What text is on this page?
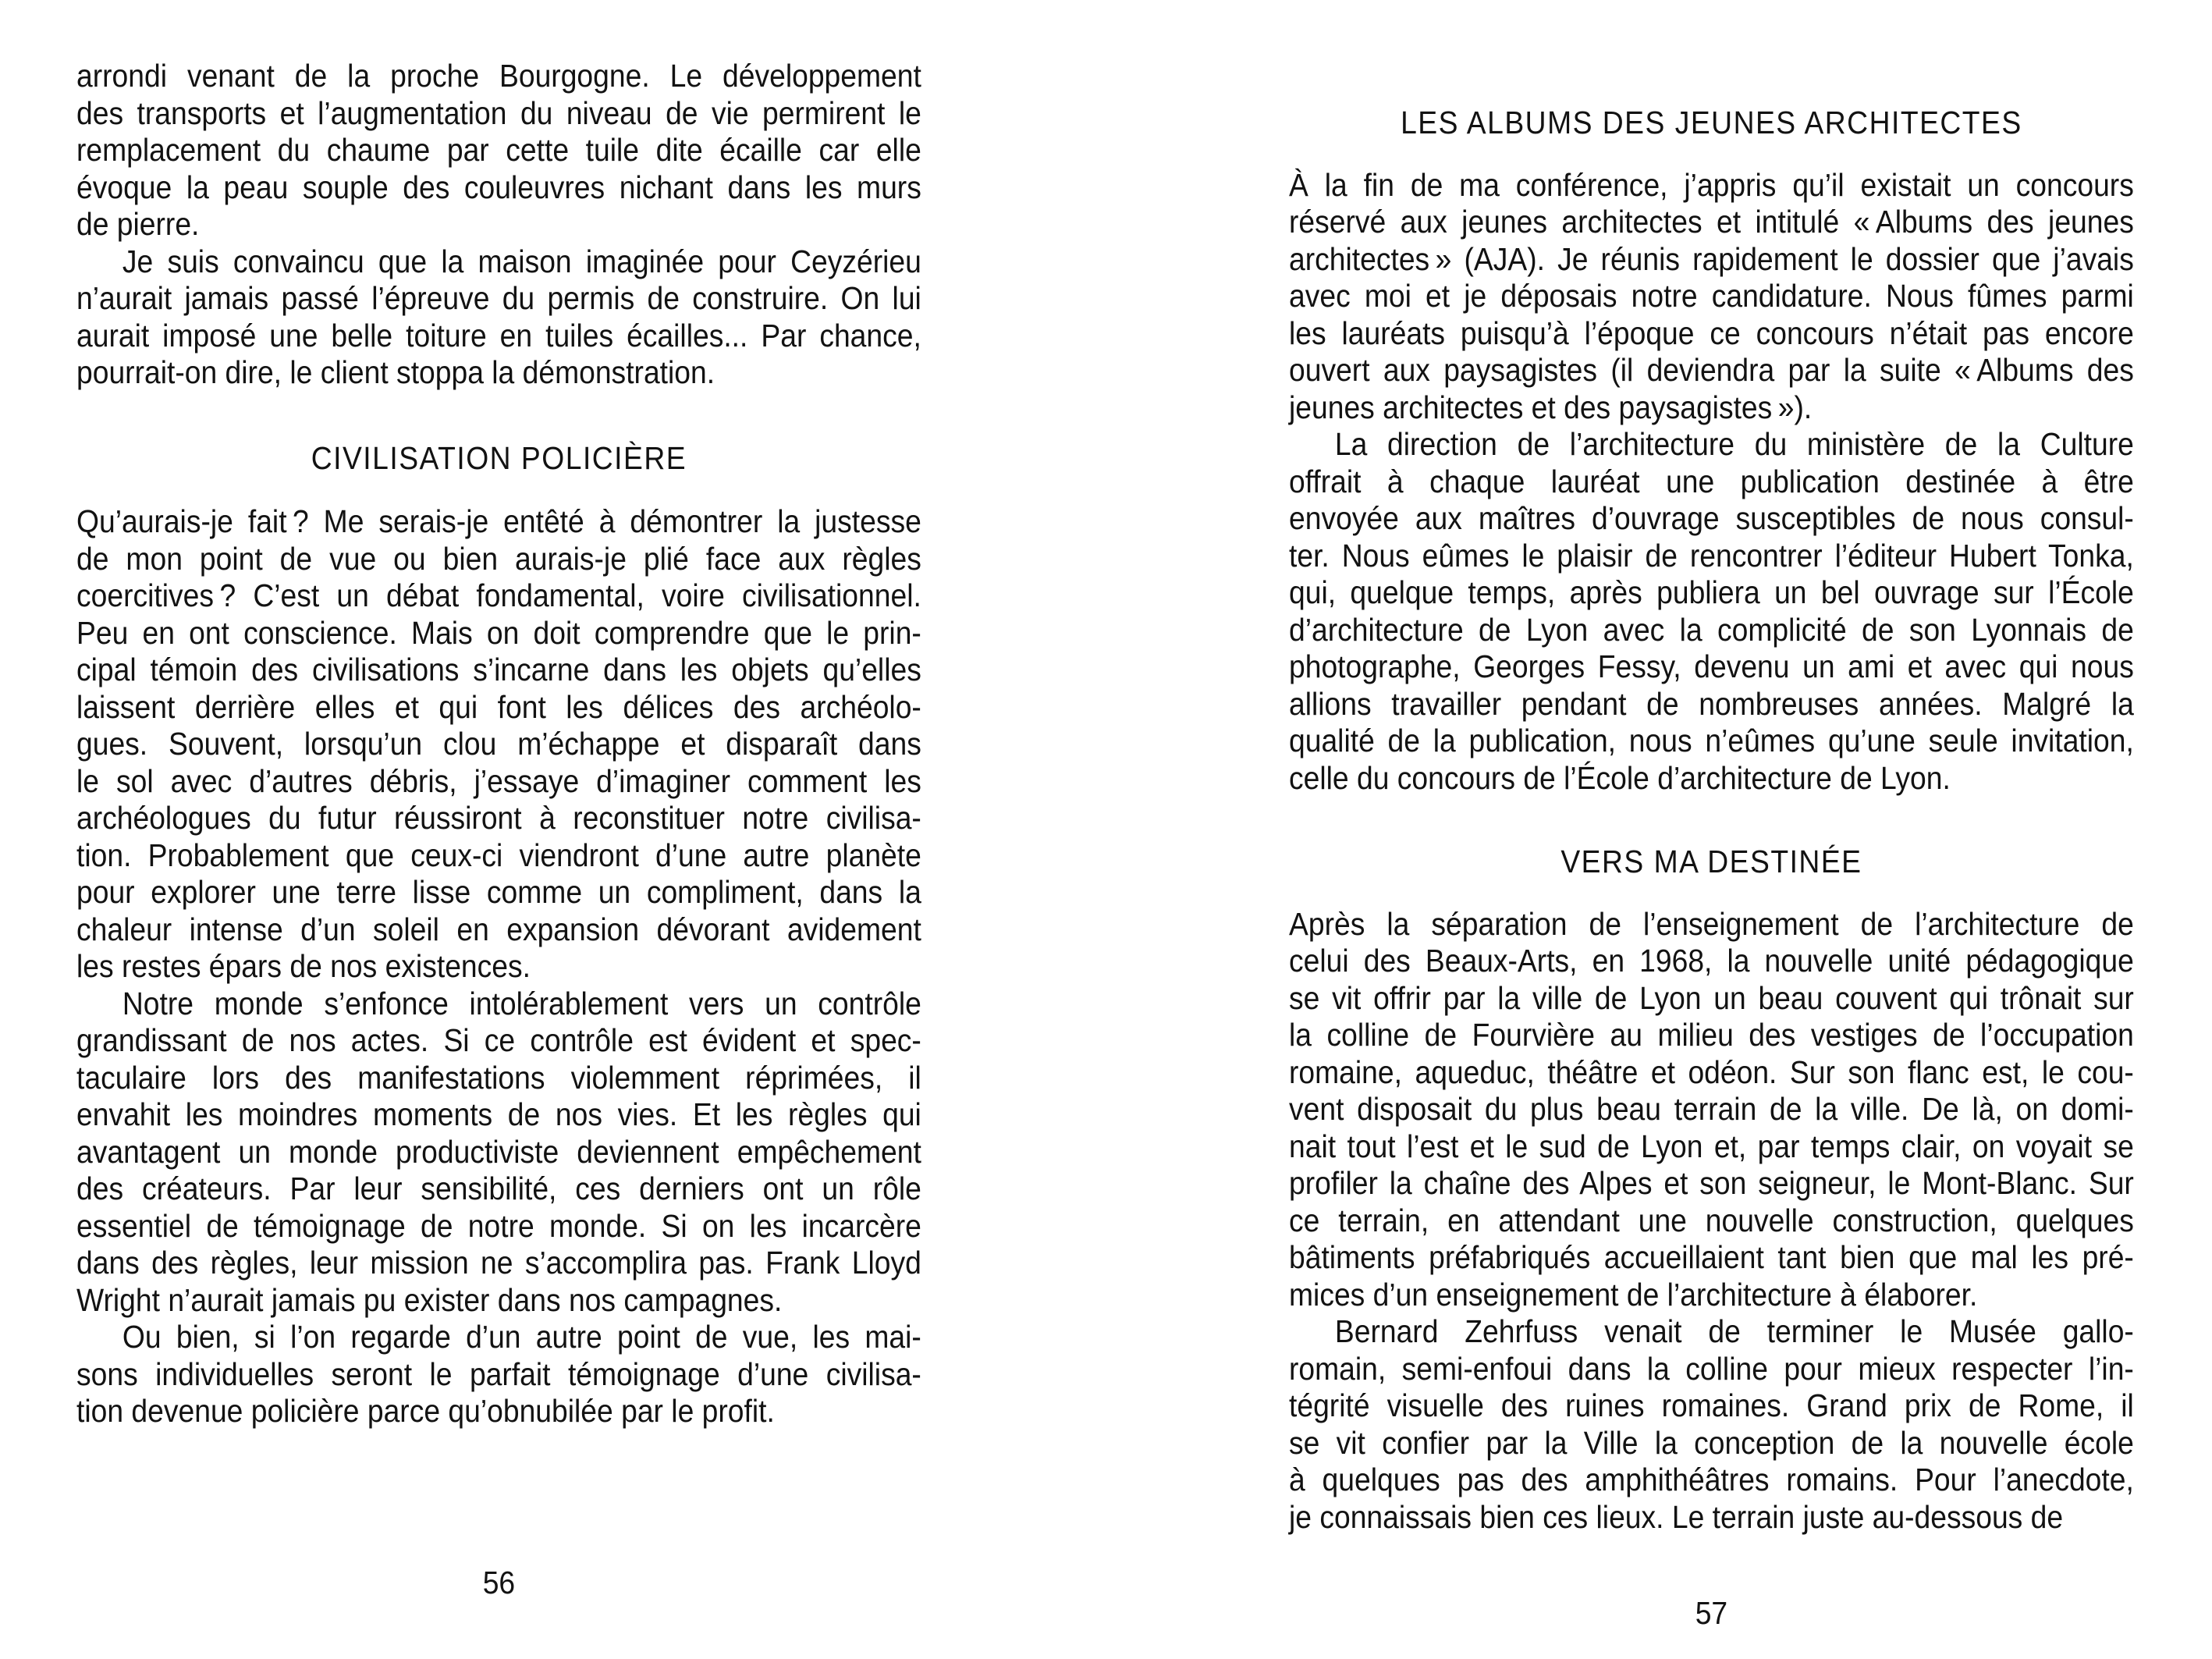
arrondi venant de la proche Bourgogne. Le développement
des transports et l’augmentation du niveau de vie permirent le
remplacement du chaume par cette tuile dite écaille car elle
évoque la peau souple des couleuvres nichant dans les murs
de pierre.
Je suis convaincu que la maison imaginée pour Ceyzérieu
n’aurait jamais passé l’épreuve du permis de construire. On lui
aurait imposé une belle toiture en tuiles écailles... Par chance,
pourrait-on dire, le client stoppa la démonstration.
CIVILISATION POLICIÈRE
Qu’aurais-je fait ? Me serais-je entêté à démontrer la justesse
de mon point de vue ou bien aurais-je plié face aux règles
coercitives ? C’est un débat fondamental, voire civilisationnel.
Peu en ont conscience. Mais on doit comprendre que le prin-
cipal témoin des civilisations s’incarne dans les objets qu’elles
laissent derrière elles et qui font les délices des archéolo-
gues. Souvent, lorsqu’un clou m’échappe et disparaît dans
le sol avec d’autres débris, j’essaye d’imaginer comment les
archéologues du futur réussiront à reconstituer notre civilisa-
tion. Probablement que ceux-ci viendront d’une autre planète
pour explorer une terre lisse comme un compliment, dans la
chaleur intense d’un soleil en expansion dévorant avidement
les restes épars de nos existences.
Notre monde s’enfonce intolérablement vers un contrôle
grandissant de nos actes. Si ce contrôle est évident et spec-
taculaire lors des manifestations violemment réprimées, il
envahit les moindres moments de nos vies. Et les règles qui
avantagent un monde productiviste deviennent empêchement
des créateurs. Par leur sensibilité, ces derniers ont un rôle
essentiel de témoignage de notre monde. Si on les incarcère
dans des règles, leur mission ne s’accomplira pas. Frank Lloyd
Wright n’aurait jamais pu exister dans nos campagnes.
Ou bien, si l’on regarde d’un autre point de vue, les mai-
sons individuelles seront le parfait témoignage d’une civilisa-
tion devenue policière parce qu’obnubilée par le profit.
56
LES ALBUMS DES JEUNES ARCHITECTES
À la fin de ma conférence, j’appris qu’il existait un concours
réservé aux jeunes architectes et intitulé « Albums des jeunes
architectes » (AJA). Je réunis rapidement le dossier que j’avais
avec moi et je déposais notre candidature. Nous fûmes parmi
les lauréats puisqu’à l’époque ce concours n’était pas encore
ouvert aux paysagistes (il deviendra par la suite « Albums des
jeunes architectes et des paysagistes »).
La direction de l’architecture du ministère de la Culture
offrait à chaque lauréat une publication destinée à être
envoyée aux maîtres d’ouvrage susceptibles de nous consul-
ter. Nous eûmes le plaisir de rencontrer l’éditeur Hubert Tonka,
qui, quelque temps, après publiera un bel ouvrage sur l’École
d’architecture de Lyon avec la complicité de son Lyonnais de
photographe, Georges Fessy, devenu un ami et avec qui nous
allions travailler pendant de nombreuses années. Malgré la
qualité de la publication, nous n’eûmes qu’une seule invitation,
celle du concours de l’École d’architecture de Lyon.
VERS MA DESTINÉE
Après la séparation de l’enseignement de l’architecture de
celui des Beaux-Arts, en 1968, la nouvelle unité pédagogique
se vit offrir par la ville de Lyon un beau couvent qui trônait sur
la colline de Fourvière au milieu des vestiges de l’occupation
romaine, aqueduc, théâtre et odéon. Sur son flanc est, le cou-
vent disposait du plus beau terrain de la ville. De là, on domi-
nait tout l’est et le sud de Lyon et, par temps clair, on voyait se
profiler la chaîne des Alpes et son seigneur, le Mont-Blanc. Sur
ce terrain, en attendant une nouvelle construction, quelques
bâtiments préfabriqués accueillaient tant bien que mal les pré-
mices d’un enseignement de l’architecture à élaborer.
Bernard Zehrfuss venait de terminer le Musée gallo-
romain, semi-enfoui dans la colline pour mieux respecter l’in-
tégrité visuelle des ruines romaines. Grand prix de Rome, il
se vit confier par la Ville la conception de la nouvelle école
à quelques pas des amphithéâtres romains. Pour l’anecdote,
je connaissais bien ces lieux. Le terrain juste au-dessous de
57
